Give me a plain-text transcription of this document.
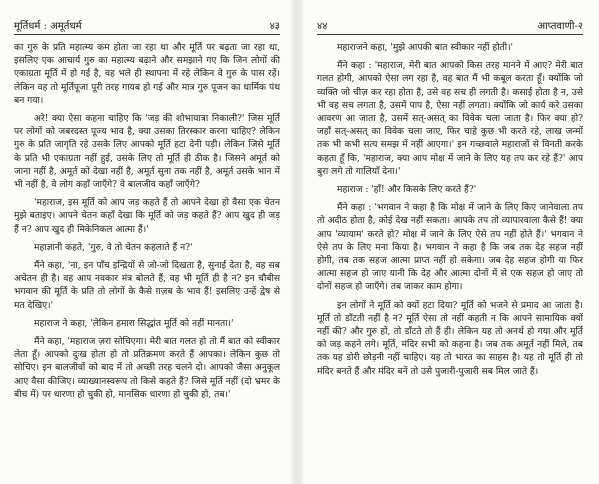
मूर्तिधर्म : अमूर्तधर्म	४३

का गुरु के प्रति महात्म्य कम होता जा रहा था और मूर्ति पर बढ़ता जा रहा था, इसलिए एक आचार्य गुरु का महात्म्य बढ़ाने और समझाने गए कि जिन लोगों की एकाग्रता मूर्ति में हो गई है, वह भले ही स्थापना में रहे लेकिन वे गुरु के पास रहें। लेकिन वह तो मूर्तिपूजा पूरी तरह गायब हो गई और मात्र गुरु पूजन का धार्मिक पंथ बन गया।

अरे! क्या ऐसा कहना चाहिए कि 'जड़ की शोभायात्रा निकाली?' जिस मूर्ति पर लोगों को जबरदस्त पूज्य भाव है, क्या उसका तिरस्कार करना चाहिए? लेकिन गुरु के प्रति जागृति रहे उसके लिए आपको मूर्ति हटा देनी पड़ी। लेकिन जिसे मूर्ति के प्रति भी एकाग्रता नहीं हुई, उसके लिए तो मूर्ति ही ठीक है। जिसने अमूर्त को जाना नहीं है, अमूर्त को देखा नहीं है, अमूर्त सुना तक नहीं है, अमूर्त उसके भान में भी नहीं है, वे लोग कहाँ जाएँगे? वे बालजीव कहाँ जाएँगे?

'महाराज, इस मूर्ति को आप जड़ कहते हैं तो आपने देखा हो वैसा एक चेतन मुझे बताइए। आपने चेतन कहाँ देखा कि मूर्ति को जड़ कहते हैं? आप खुद ही जड़ हैं न? आप खुद ही मिकेनिकल आत्मा हैं।'

महाज्ञानी कहते, 'गुरु, वे तो चेतन कहलाते हैं न?'

मैंने कहा, 'ना, इन पाँच इन्द्रियों से जो-जो दिखता है, सुनाई देता है, वह सब अचेतन ही है। वह आप नवकार मंत्र बोलते हैं, वह भी मूर्ति ही है न? इन चौबीस भगवान की मूर्ति के प्रति तो लोगों के कैसे ग़ज़ब के भाव हैं! इसलिए उन्हें द्वेष से मत देखिए।'

महाराज ने कहा, 'लेकिन हमारा सिद्धांत मूर्ति को नहीं मानता।'

मैंने कहा, 'महाराज ज़रा सोचिएगा। मेरी बात गलत हो तो मैं बात को स्वीकार लेता हूँ। आपको दुःख होता हो तो प्रतिक्रमण करते हैं आपका। लेकिन कुछ तो सोचिए। इन बालजीवों को बाद में तो अच्छी तरह चलने दो। आपको जैसा अनुकूल आए वैसा कीजिए। व्याख्यानस्वरूप तो किसे कहते हैं? जिसे मूर्ति नहीं (दो भ्रमर के बीच में) पर धारणा हो चुकी हो, मानसिक धारणा हो चुकी हो, तब।'

४४	आप्तवाणी-२

महाराजने कहा, 'मुझे आपकी बात स्वीकार नहीं होती।'

मैंने कहा : 'महाराज, मेरी बात आपको किस तरह मानने में आए? मेरी बात गलत होगी, आपको ऐसा लग रहा है, वह बात मैं भी कबूल करता हूँ। क्योंकि जो व्यक्ति जो चीज़ कर रहा होता है, उसे वह सच ही लगती है। कसाई होता है न, उसे भी वह सच लगता है, उसमें पाप है, ऐसा नहीं लगता। क्योंकि जो कार्य करे उसका आवरण आ जाता है, उसमें सत्-असत् का विवेक चला जाता है। फिर क्या हो? जहाँ सत्-असत् का विवेक चला जाए, फिर चाहे कुछ भी करते रहे, लाख जन्मों तक भी कभी सत्य समझ में नहीं आएगा।' इन गच्छवाले महाराजों से विनती करके कहता हूँ कि, 'महाराज, क्या आप मोक्ष में जाने के लिए यह तप कर रहे हैं?' आप बुरा लगे तो गालियाँ देना।'

महाराज : 'हाँ! और किसके लिए करते हैं?'

मैंने कहा : 'भगवान ने कहा है कि मोक्ष में जाने के लिए किए जानेवाला तप तो अदीठ होता है, कोई देख नहीं सकता। आपके तप तो व्यापारवाला कैसे हैं! क्या आप 'व्यायाम' करते हो? मोक्ष में जाने के लिए ऐसे तप नहीं होते हैं।' भगवान ने ऐसे तप के लिए मना किया है। भगवान ने कहा है कि जब तक देह सहज नहीं होगी, तब तक सहज आत्मा प्राप्त नहीं हो सकेगा। जब देह सहज होगी या फिर आत्मा सहज हो जाए यानी कि देह और आत्मा दोनों में से एक सहज हो जाए तो दोनों सहज हो जाएँगे। तब जाकर काम होगा।

इन लोगों ने मूर्ति को क्यों हटा दिया? मूर्ति को भजने से प्रमाद आ जाता है। मूर्ति तो डाँटती नहीं है न? मूर्ति ऐसा तो नहीं कहती न कि आपने सामायिक क्यों नहीं की? और गुरु हों, तो डाँटते तो हैं ही। लेकिन यह तो अनर्थ हो गया और मूर्ति को जड़ कहने लगे। मूर्ति, मंदिर सभी को कहना है। जब तक अमूर्त नहीं मिले, तब तक यह डोरी छोड़नी नहीं चाहिए। यह तो भारत का साहस है। यह तो मूर्ति ही तो मंदिर बनते हैं और मंदिर बनें तो उसे पुजारी-पुजारी सब मिल जाते हैं।
